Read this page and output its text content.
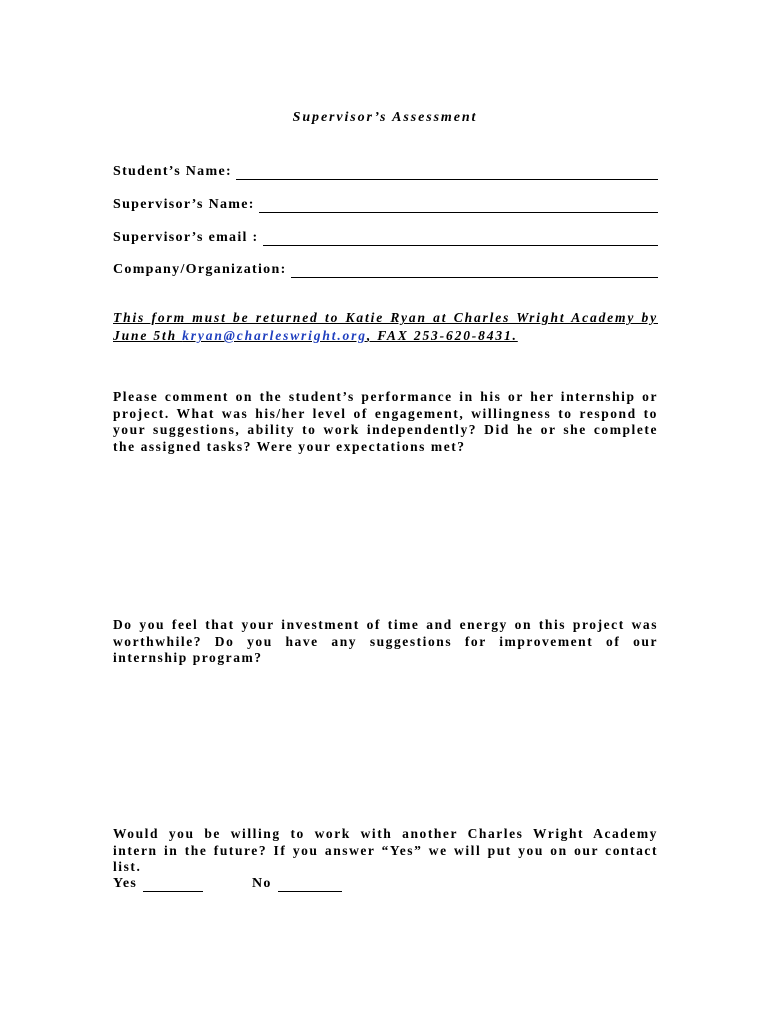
Supervisor’s Assessment
Student’s Name:
Supervisor’s Name:
Supervisor’s email :
Company/Organization:
This form must be returned to Katie Ryan at Charles Wright Academy by June 5th kryan@charleswright.org, FAX 253-620-8431.
Please comment on the student’s performance in his or her internship or project. What was his/her level of engagement, willingness to respond to your suggestions, ability to work independently? Did he or she complete the assigned tasks? Were your expectations met?
Do you feel that your investment of time and energy on this project was worthwhile? Do you have any suggestions for improvement of our internship program?
Would you be willing to work with another Charles Wright Academy intern in the future? If you answer “Yes” we will put you on our contact list.
Yes	No
